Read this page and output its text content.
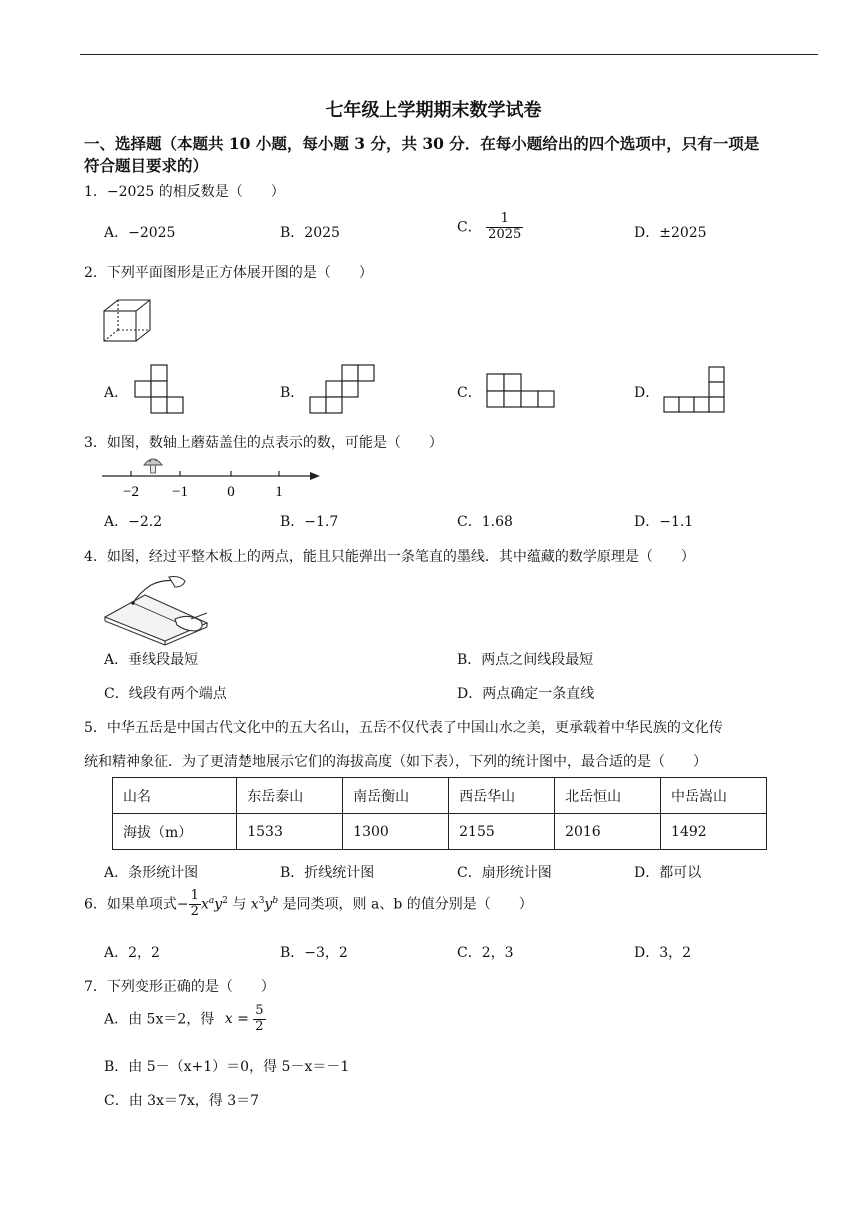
七年级上学期期末数学试卷
一、选择题（本题共 10 小题，每小题 3 分，共 30 分．在每小题给出的四个选项中，只有一项是
符合题目要求的）
1．−2025 的相反数是（　　）
A．−2025	B．2025	C． $\frac{1}{2025}$	D．±2025
2．下列平面图形是正方体展开图的是（　　）
A．	B．	C．	D．
3．如图，数轴上蘑菇盖住的点表示的数，可能是（　　）
−2 −1	0	1
A．−2.2	B．−1.7	C．1.68	D．−1.1
4．如图，经过平整木板上的两点，能且只能弹出一条笔直的墨线．其中蕴藏的数学原理是（　　）
A．垂线段最短	B．两点之间线段最短
C．线段有两个端点	D．两点确定一条直线
5．中华五岳是中国古代文化中的五大名山，五岳不仅代表了中国山水之美，更承载着中华民族的文化传
统和精神象征．为了更清楚地展示它们的海拔高度（如下表），下列的统计图中，最合适的是（　　）
山名	东岳泰山	南岳衡山	西岳华山	北岳恒山	中岳嵩山
海拔（m）	1533	1300	2155	2016	1492
A．条形统计图	B．折线统计图	C．扇形统计图	D．都可以
6．如果单项式− $\frac{1}{2} x^ay^2$ 与 $x^3y^b$ 是同类项，则 a、b 的值分别是（　　）
A．2，2	B．−3，2	C．2，3	D．3，2
7．下列变形正确的是（　　）
A．由 5x＝2，得 $x = \frac{5}{2}$
B．由 5－（x+1）＝0，得 5－x＝－1
C．由 3x＝7x，得 3＝7
